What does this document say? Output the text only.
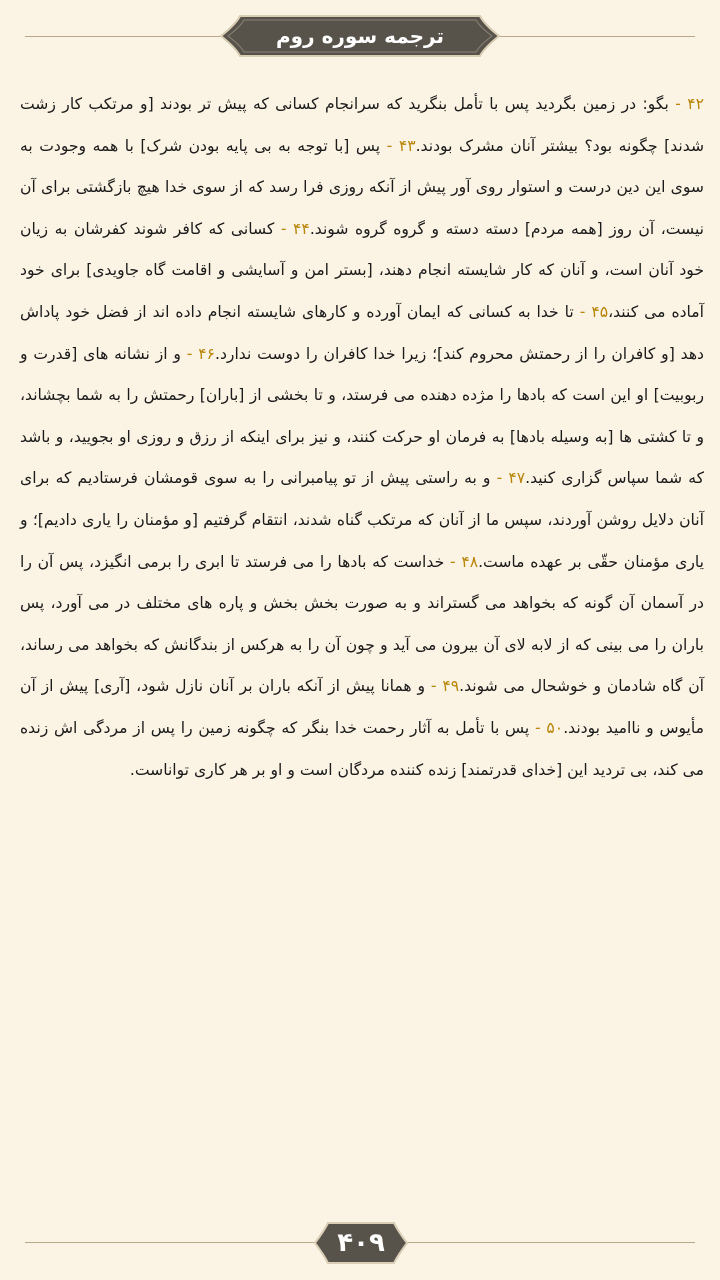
ترجمه سوره روم

۴۲ - بگو: در زمین بگردید پس با تأمل بنگرید که سرانجام کسانی که پیش تر بودند [و مرتکب کار زشت شدند] چگونه بود؟ بیشتر آنان مشرک بودند.۴۳ - پس [با توجه به بی پایه بودن شرک] با همه وجودت به سوی این دین درست و استوار روی آور پیش از آنکه روزی فرا رسد که از سوی خدا هیچ بازگشتی برای آن نیست، آن روز [همه مردم] دسته دسته و گروه گروه شوند.۴۴ - کسانی که کافر شوند کفرشان به زیان خود آنان است، و آنان که کار شایسته انجام دهند، [بستر امن و آسایشی و اقامت گاه جاویدی] برای خود آماده می کنند،۴۵ - تا خدا به کسانی که ایمان آورده و کارهای شایسته انجام داده اند از فضل خود پاداش دهد [و کافران را از رحمتش محروم کند]؛ زیرا خدا کافران را دوست ندارد.۴۶ - و از نشانه های [قدرت و ربوبیت] او این است که بادها را مژده دهنده می فرستد، و تا بخشی از [باران] رحمتش را به شما بچشاند، و تا کشتی ها [به وسیله بادها] به فرمان او حرکت کنند، و نیز برای اینکه از رزق و روزی او بجویید، و باشد که شما سپاس گزاری کنید.۴۷ - و به راستی پیش از تو پیامبرانی را به سوی قومشان فرستادیم که برای آنان دلایل روشن آوردند، سپس ما از آنان که مرتکب گناه شدند، انتقام گرفتیم [و مؤمنان را یاری دادیم]؛ و یاری مؤمنان حقّی بر عهده ماست.۴۸ - خداست که بادها را می فرستد تا ابری را برمی انگیزد، پس آن را در آسمان آن گونه که بخواهد می گستراند و به صورت بخش بخش و پاره های مختلف در می آورد، پس باران را می بینی که از لابه لای آن بیرون می آید و چون آن را به هرکس از بندگانش که بخواهد می رساند، آن گاه شادمان و خوشحال می شوند.۴۹ - و همانا پیش از آنکه باران بر آنان نازل شود، [آری] پیش از آن مأیوس و ناامید بودند.۵۰ - پس با تأمل به آثار رحمت خدا بنگر که چگونه زمین را پس از مردگی اش زنده می کند، بی تردید این [خدای قدرتمند] زنده کننده مردگان است و او بر هر کاری تواناست.

۴۰۹
